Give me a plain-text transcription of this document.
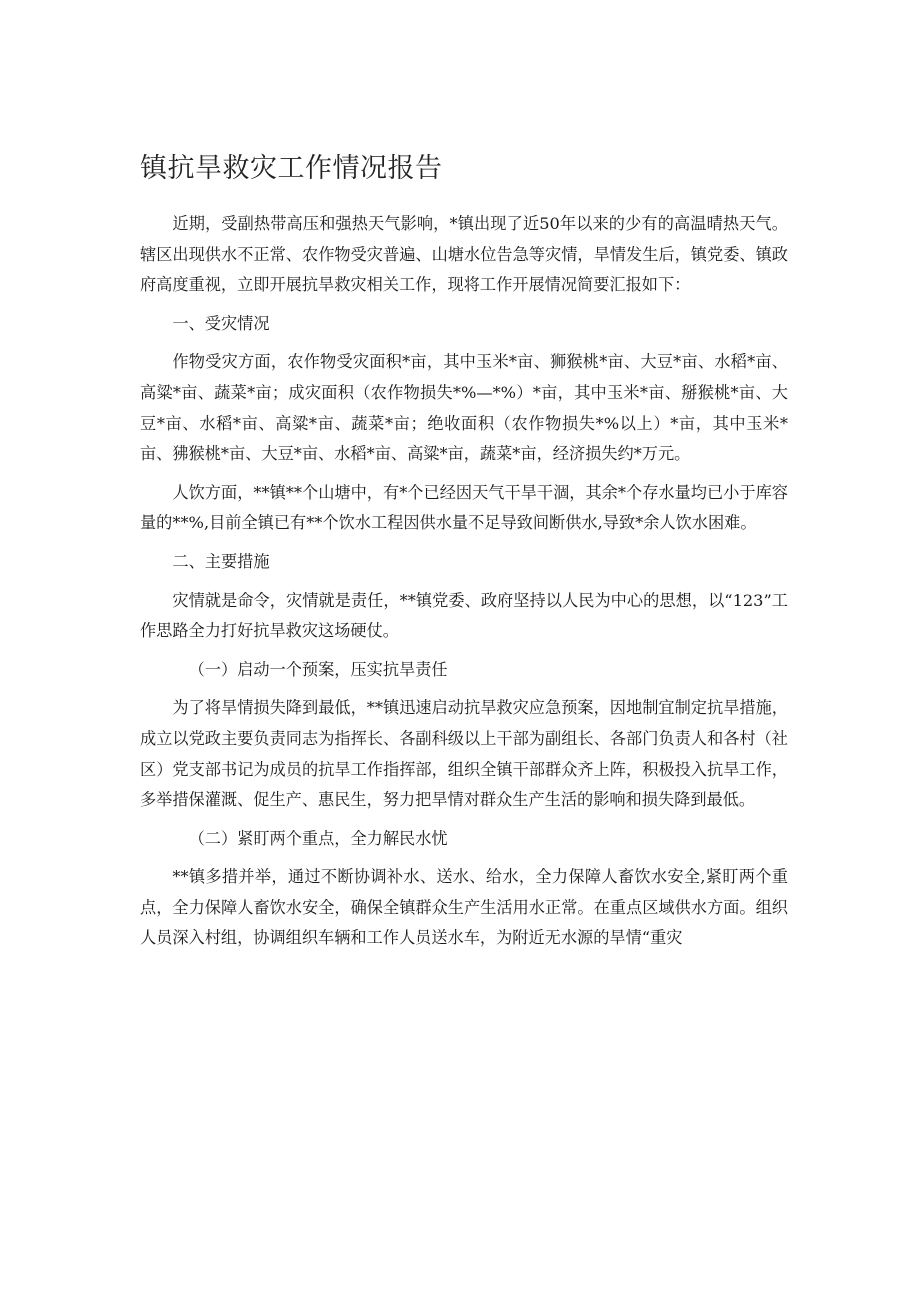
镇抗旱救灾工作情况报告

近期，受副热带高压和强热天气影响，*镇出现了近50年以来的少有的高温晴热天气。辖区出现供水不正常、农作物受灾普遍、山塘水位告急等灾情，旱情发生后，镇党委、镇政府高度重视，立即开展抗旱救灾相关工作，现将工作开展情况简要汇报如下：

一、受灾情况

作物受灾方面，农作物受灾面积*亩，其中玉米*亩、狮猴桃*亩、大豆*亩、水稻*亩、高粱*亩、蔬菜*亩；成灾面积（农作物损失*%—*%）*亩，其中玉米*亩、掰猴桃*亩、大豆*亩、水稻*亩、高粱*亩、蔬菜*亩；绝收面积（农作物损失*%以上）*亩，其中玉米*亩、狒猴桃*亩、大豆*亩、水稻*亩、高粱*亩，蔬菜*亩，经济损失约*万元。

人饮方面，**镇**个山塘中，有*个已经因天气干旱干涸，其余*个存水量均已小于库容量的**%,目前全镇已有**个饮水工程因供水量不足导致间断供水,导致*余人饮水困难。

二、主要措施

灾情就是命令，灾情就是责任，**镇党委、政府坚持以人民为中心的思想，以“123”工作思路全力打好抗旱救灾这场硬仗。

（一）启动一个预案，压实抗旱责任

为了将旱情损失降到最低，**镇迅速启动抗旱救灾应急预案，因地制宜制定抗旱措施，成立以党政主要负责同志为指挥长、各副科级以上干部为副组长、各部门负责人和各村（社区）党支部书记为成员的抗旱工作指挥部，组织全镇干部群众齐上阵，积极投入抗旱工作，多举措保灌溉、促生产、惠民生，努力把旱情对群众生产生活的影响和损失降到最低。

（二）紧盯两个重点，全力解民水忧

**镇多措并举，通过不断协调补水、送水、给水，全力保障人畜饮水安全,紧盯两个重点，全力保障人畜饮水安全，确保全镇群众生产生活用水正常。在重点区域供水方面。组织人员深入村组，协调组织车辆和工作人员送水车，为附近无水源的旱情“重灾
